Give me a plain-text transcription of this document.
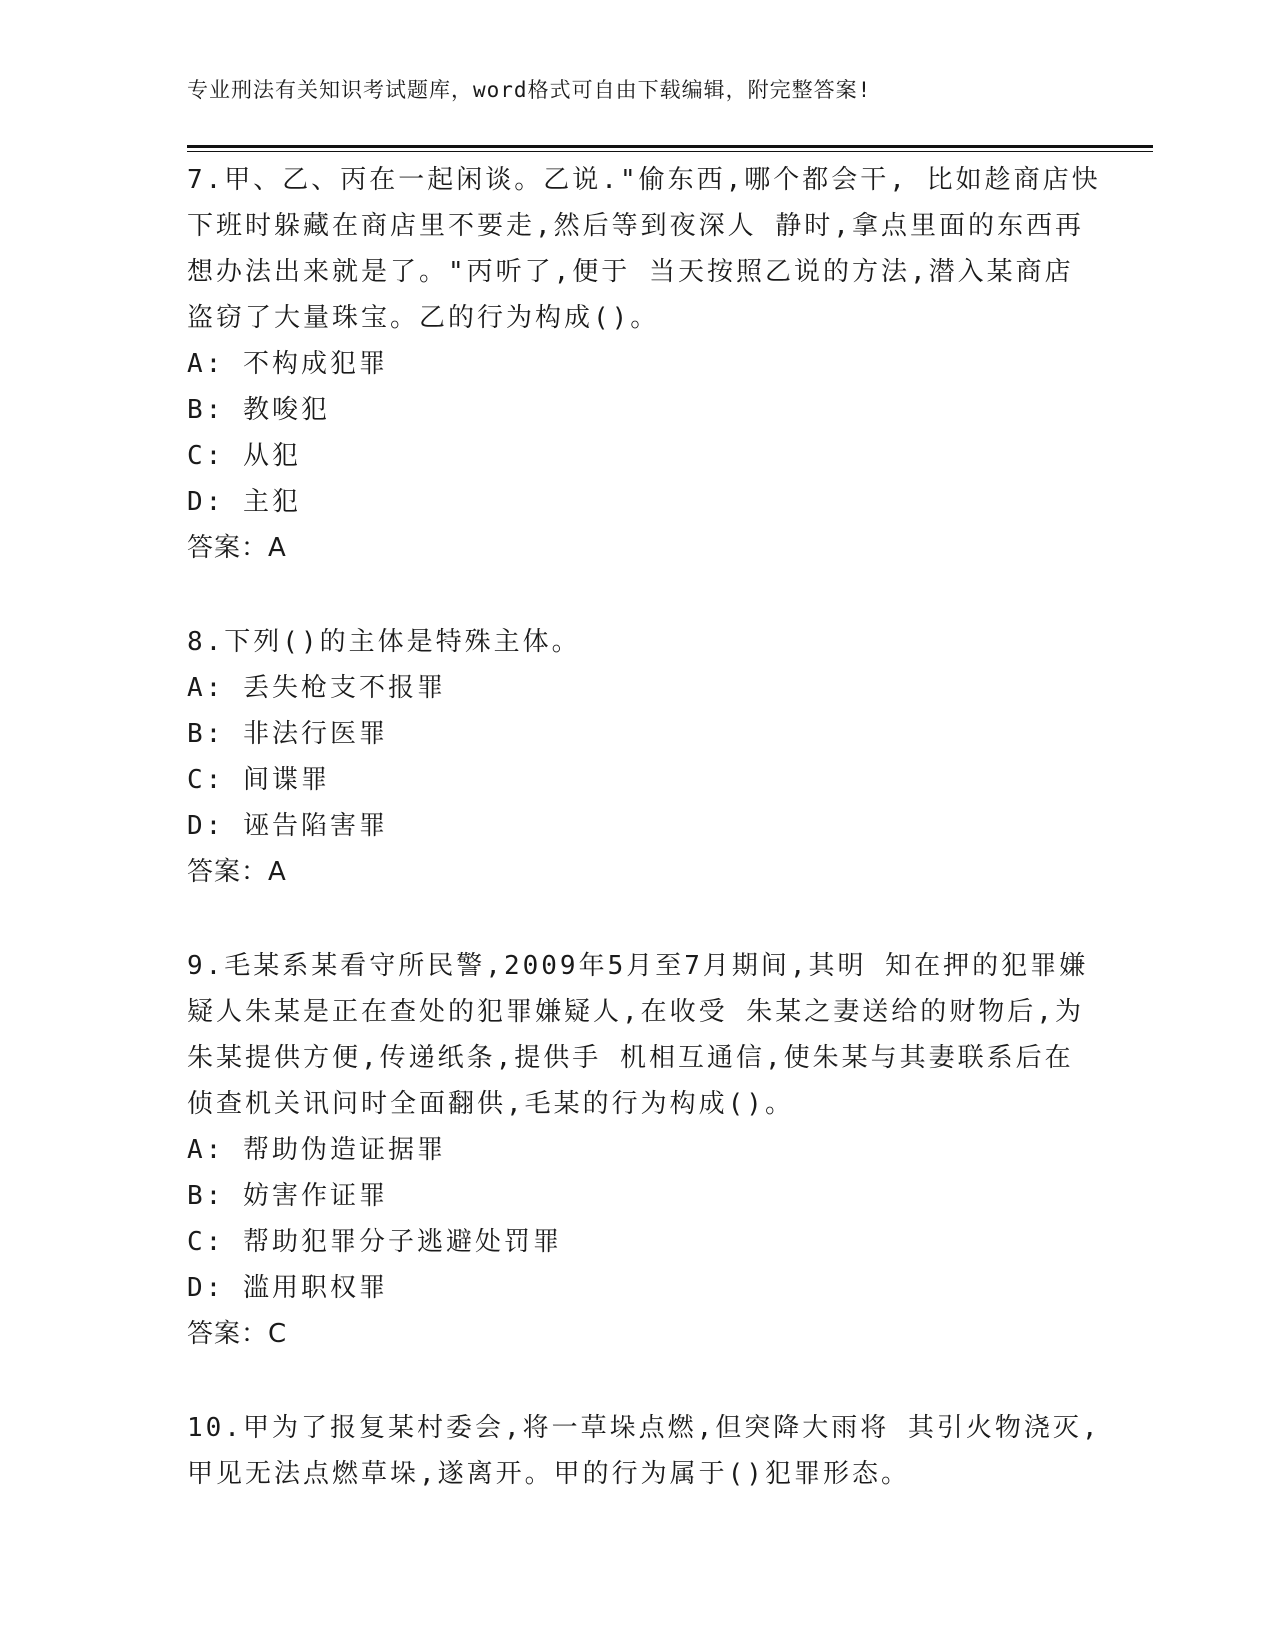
专业刑法有关知识考试题库，word格式可自由下载编辑，附完整答案!
7.甲、乙、丙在一起闲谈。乙说."偷东西,哪个都会干, 比如趁商店快
下班时躲藏在商店里不要走,然后等到夜深人 静时,拿点里面的东西再
想办法出来就是了。"丙听了,便于 当天按照乙说的方法,潜入某商店
盗窃了大量珠宝。乙的行为构成()。
A: 不构成犯罪
B: 教唆犯
C: 从犯
D: 主犯
答案：A
8.下列()的主体是特殊主体。
A: 丢失枪支不报罪
B: 非法行医罪
C: 间谍罪
D: 诬告陷害罪
答案：A
9.毛某系某看守所民警,2009年5月至7月期间,其明 知在押的犯罪嫌
疑人朱某是正在查处的犯罪嫌疑人,在收受 朱某之妻送给的财物后,为
朱某提供方便,传递纸条,提供手 机相互通信,使朱某与其妻联系后在
侦查机关讯问时全面翻供,毛某的行为构成()。
A: 帮助伪造证据罪
B: 妨害作证罪
C: 帮助犯罪分子逃避处罚罪
D: 滥用职权罪
答案：C
10.甲为了报复某村委会,将一草垛点燃,但突降大雨将 其引火物浇灭,
甲见无法点燃草垛,遂离开。甲的行为属于()犯罪形态。
